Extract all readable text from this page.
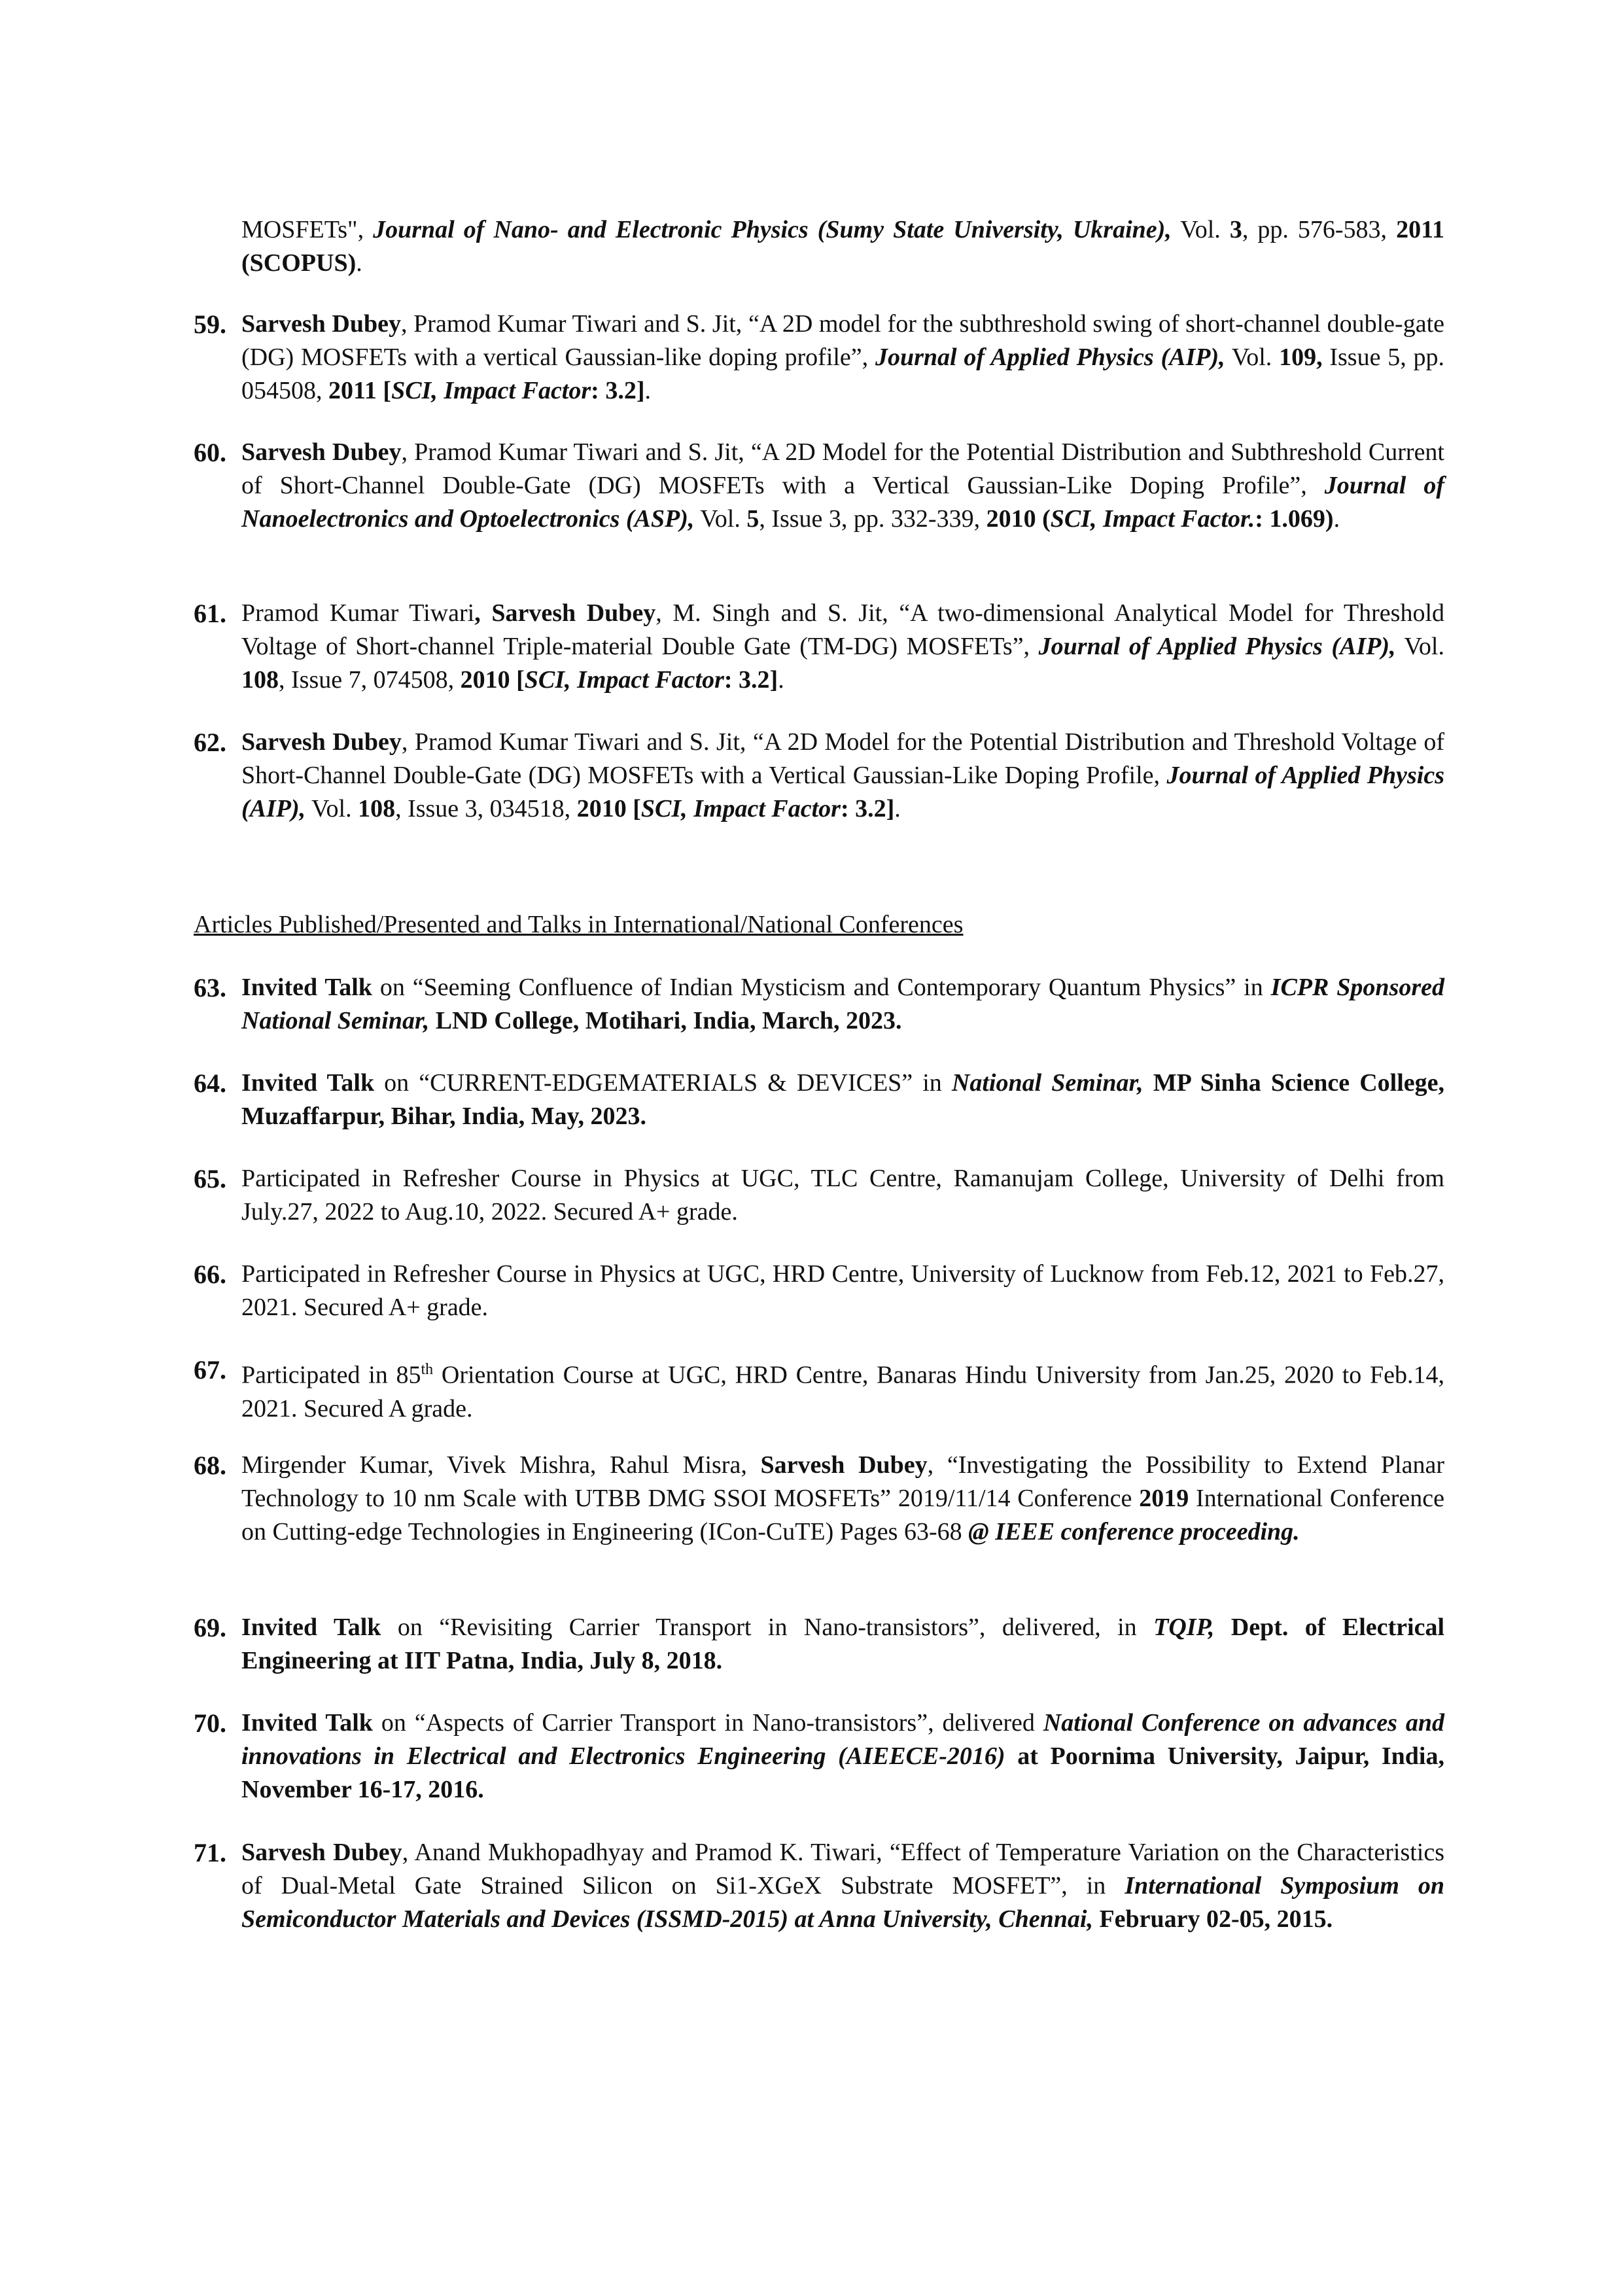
MOSFETs", Journal of Nano- and Electronic Physics (Sumy State University, Ukraine), Vol. 3, pp. 576-583, 2011 (SCOPUS).
59. Sarvesh Dubey, Pramod Kumar Tiwari and S. Jit, “A 2D model for the subthreshold swing of short-channel double-gate (DG) MOSFETs with a vertical Gaussian-like doping profile”, Journal of Applied Physics (AIP), Vol. 109, Issue 5, pp. 054508, 2011 [SCI, Impact Factor: 3.2].
60. Sarvesh Dubey, Pramod Kumar Tiwari and S. Jit, “A 2D Model for the Potential Distribution and Subthreshold Current of Short-Channel Double-Gate (DG) MOSFETs with a Vertical Gaussian-Like Doping Profile”, Journal of Nanoelectronics and Optoelectronics (ASP), Vol. 5, Issue 3, pp. 332-339, 2010 (SCI, Impact Factor.: 1.069).
61. Pramod Kumar Tiwari, Sarvesh Dubey, M. Singh and S. Jit, “A two-dimensional Analytical Model for Threshold Voltage of Short-channel Triple-material Double Gate (TM-DG) MOSFETs”, Journal of Applied Physics (AIP), Vol. 108, Issue 7, 074508, 2010 [SCI, Impact Factor: 3.2].
62. Sarvesh Dubey, Pramod Kumar Tiwari and S. Jit, “A 2D Model for the Potential Distribution and Threshold Voltage of Short-Channel Double-Gate (DG) MOSFETs with a Vertical Gaussian-Like Doping Profile, Journal of Applied Physics (AIP), Vol. 108, Issue 3, 034518, 2010 [SCI, Impact Factor: 3.2].
Articles Published/Presented and Talks in International/National Conferences
63. Invited Talk on “Seeming Confluence of Indian Mysticism and Contemporary Quantum Physics” in ICPR Sponsored National Seminar, LND College, Motihari, India, March, 2023.
64. Invited Talk on “CURRENT-EDGEMATERIALS & DEVICES” in National Seminar, MP Sinha Science College, Muzaffarpur, Bihar, India, May, 2023.
65. Participated in Refresher Course in Physics at UGC, TLC Centre, Ramanujam College, University of Delhi from July.27, 2022 to Aug.10, 2022. Secured A+ grade.
66. Participated in Refresher Course in Physics at UGC, HRD Centre, University of Lucknow from Feb.12, 2021 to Feb.27, 2021. Secured A+ grade.
67. Participated in 85th Orientation Course at UGC, HRD Centre, Banaras Hindu University from Jan.25, 2020 to Feb.14, 2021. Secured A grade.
68. Mirgender Kumar, Vivek Mishra, Rahul Misra, Sarvesh Dubey, “Investigating the Possibility to Extend Planar Technology to 10 nm Scale with UTBB DMG SSOI MOSFETs” 2019/11/14 Conference 2019 International Conference on Cutting-edge Technologies in Engineering (ICon-CuTE) Pages 63-68 @ IEEE conference proceeding.
69. Invited Talk on “Revisiting Carrier Transport in Nano-transistors”, delivered, in TQIP, Dept. of Electrical Engineering at IIT Patna, India, July 8, 2018.
70. Invited Talk on “Aspects of Carrier Transport in Nano-transistors”, delivered National Conference on advances and innovations in Electrical and Electronics Engineering (AIEECE-2016) at Poornima University, Jaipur, India, November 16-17, 2016.
71. Sarvesh Dubey, Anand Mukhopadhyay and Pramod K. Tiwari, “Effect of Temperature Variation on the Characteristics of Dual-Metal Gate Strained Silicon on Si1-XGeX Substrate MOSFET”, in International Symposium on Semiconductor Materials and Devices (ISSMD-2015) at Anna University, Chennai, February 02-05, 2015.
